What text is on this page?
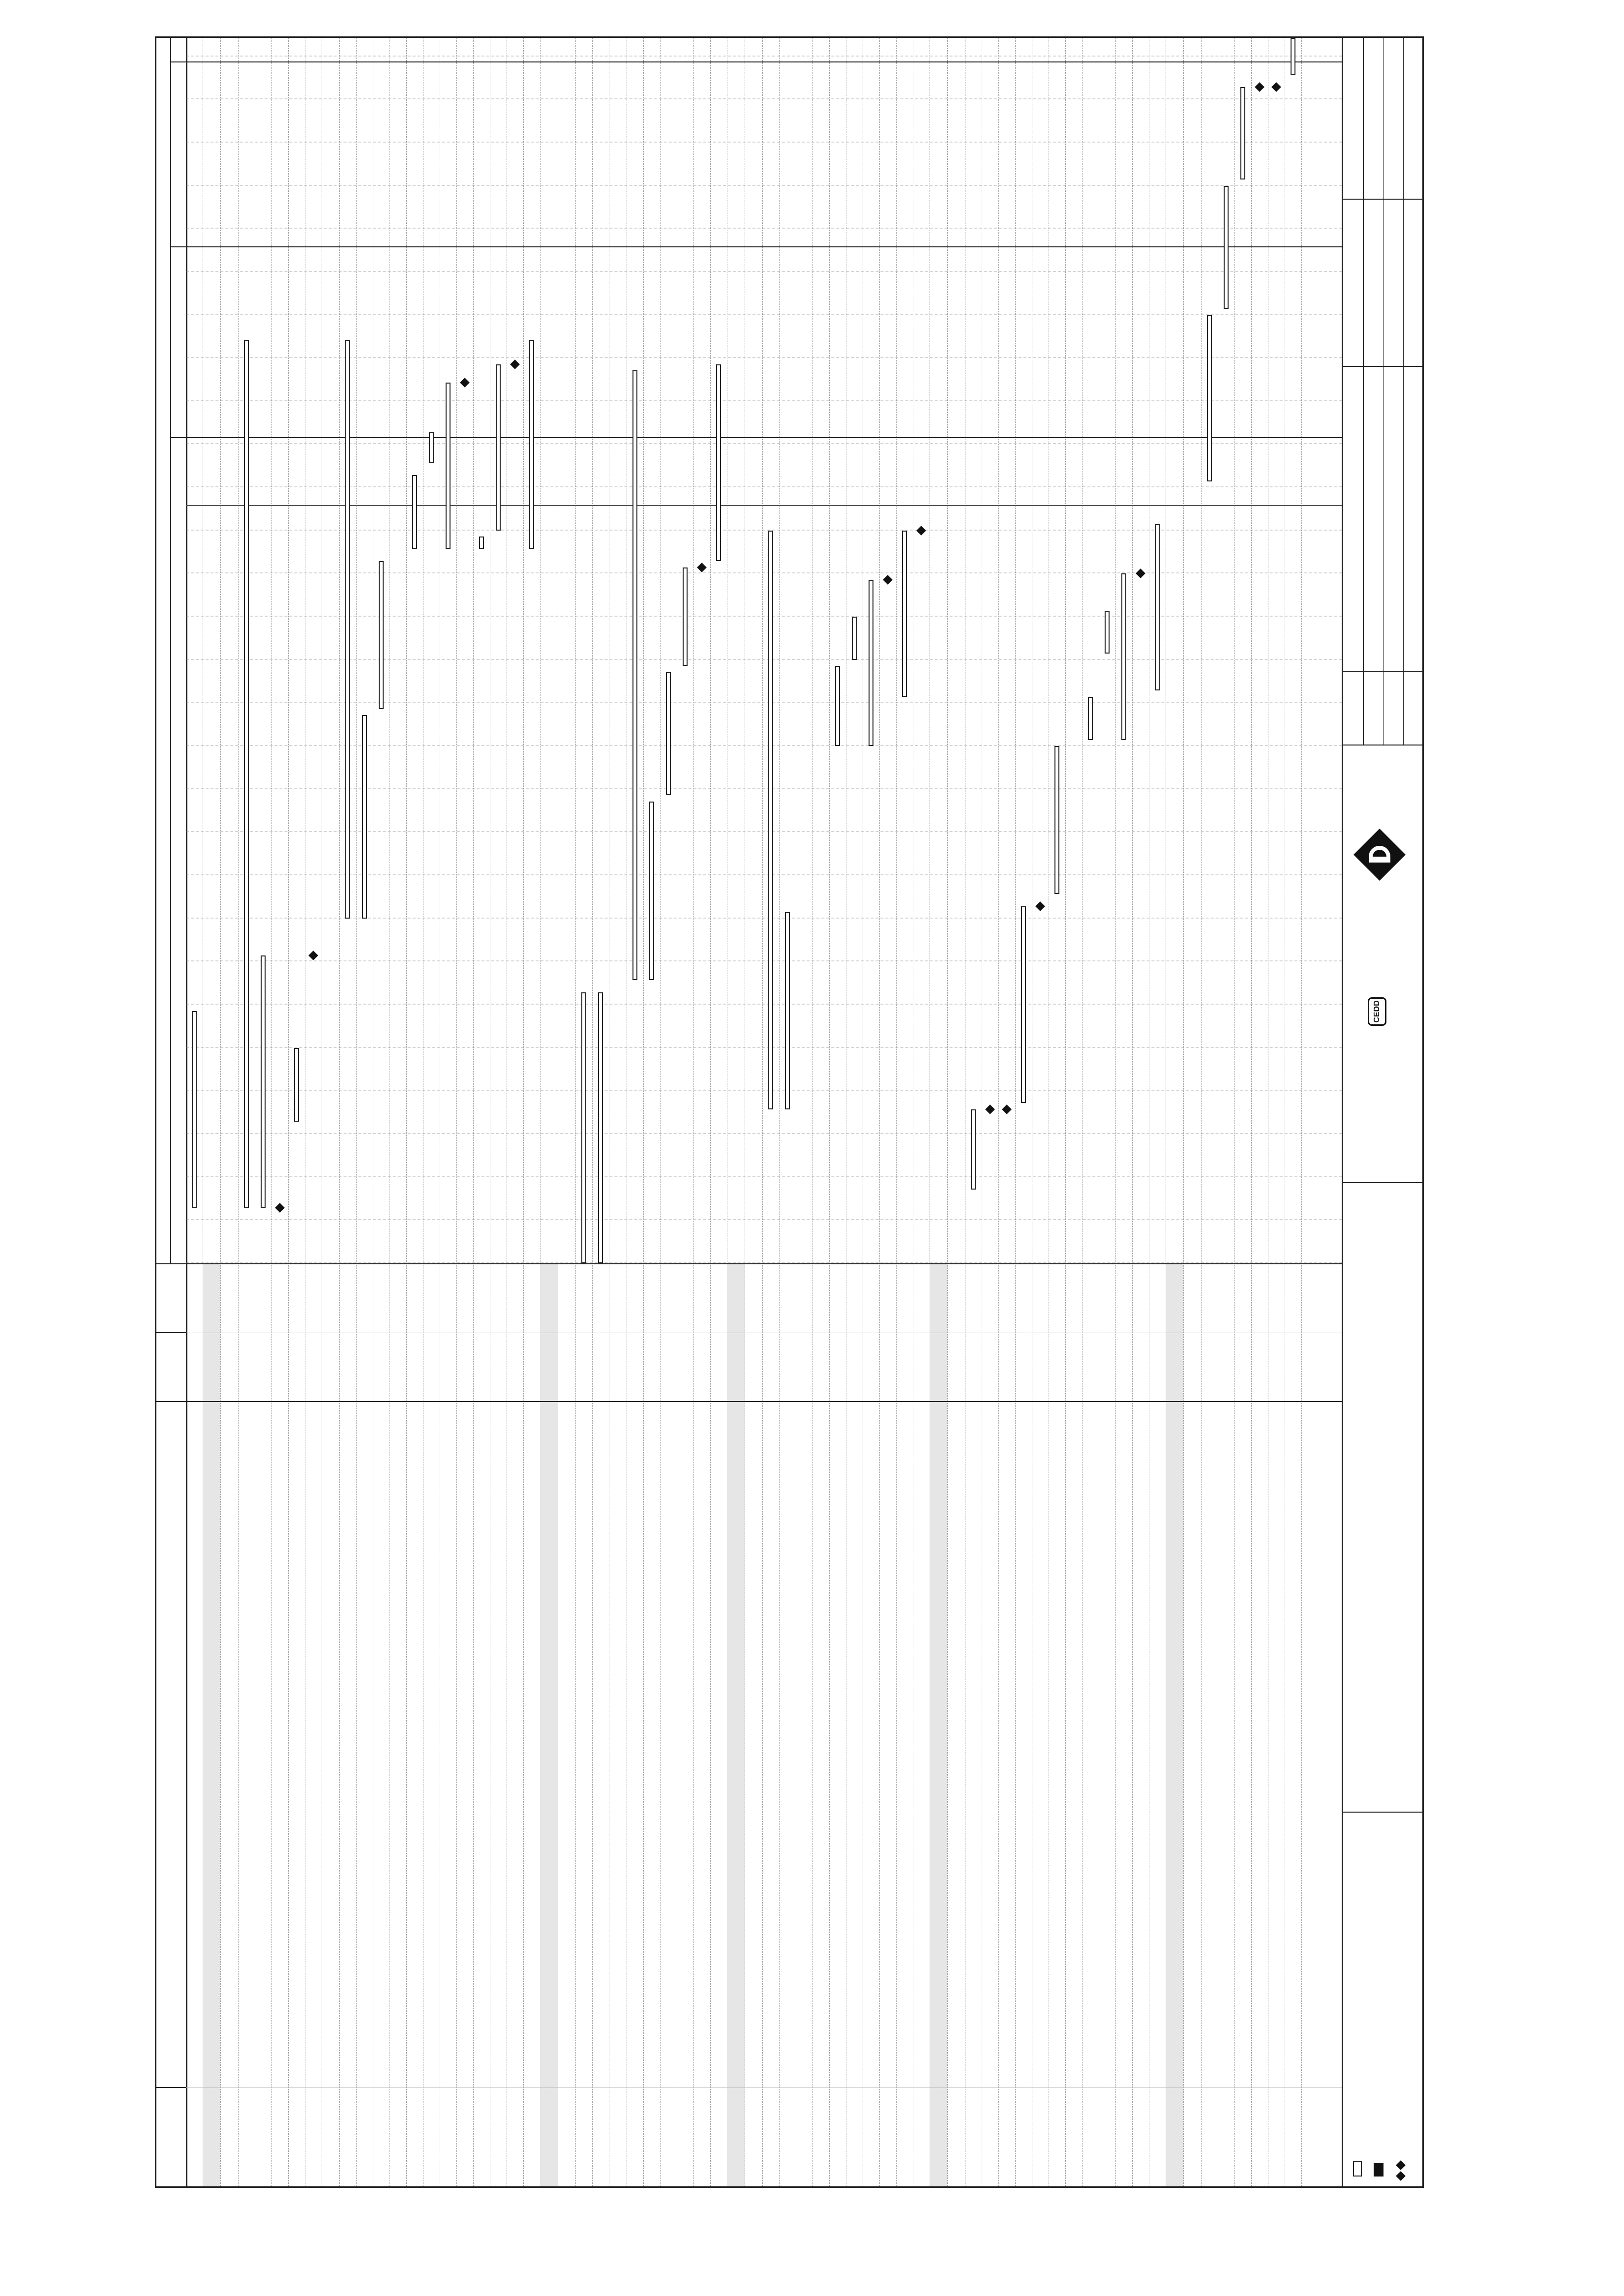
CEDD
